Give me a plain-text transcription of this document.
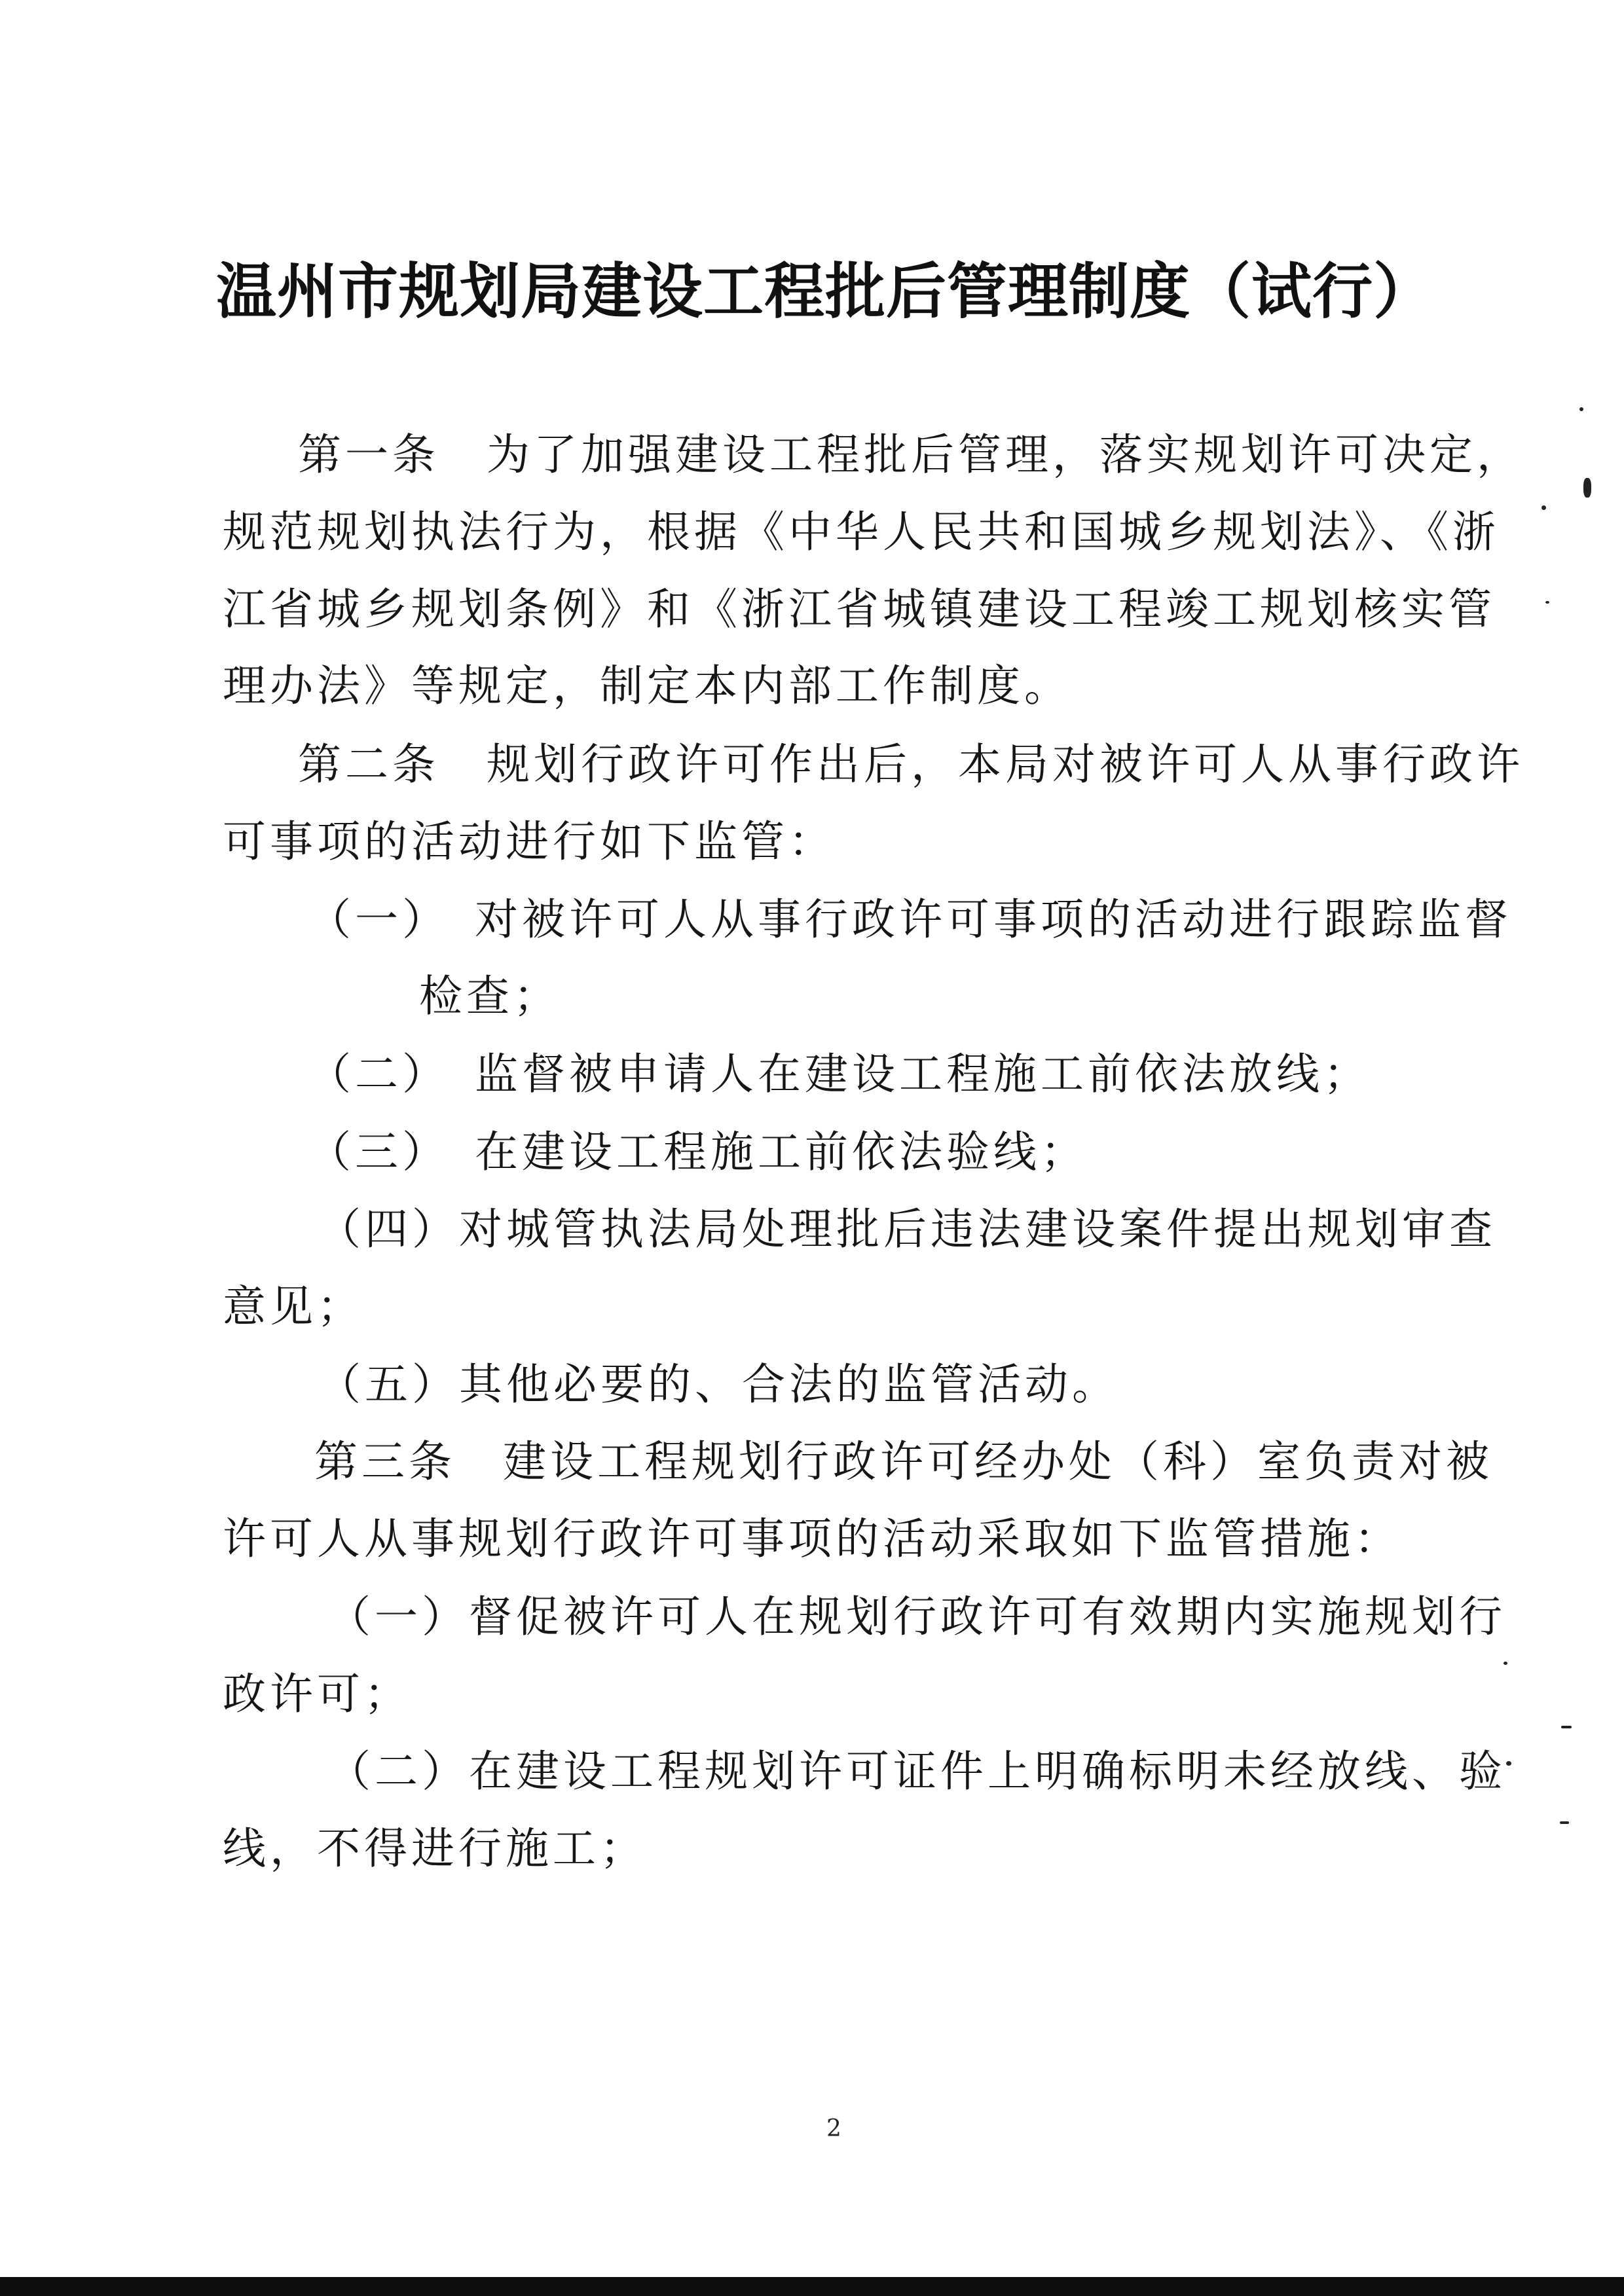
温州市规划局建设工程批后管理制度（试行）
第一条　为了加强建设工程批后管理，落实规划许可决定，
规范规划执法行为，根据《中华人民共和国城乡规划法》、《浙
江省城乡规划条例》和《浙江省城镇建设工程竣工规划核实管
理办法》等规定，制定本内部工作制度。
第二条　规划行政许可作出后，本局对被许可人从事行政许
可事项的活动进行如下监管：
（一）　对被许可人从事行政许可事项的活动进行跟踪监督
检查；
（二）　监督被申请人在建设工程施工前依法放线；
（三）　在建设工程施工前依法验线；
（四）对城管执法局处理批后违法建设案件提出规划审查
意见；
（五）其他必要的、合法的监管活动。
第三条　建设工程规划行政许可经办处（科）室负责对被
许可人从事规划行政许可事项的活动采取如下监管措施：
（一）督促被许可人在规划行政许可有效期内实施规划行
政许可；
（二）在建设工程规划许可证件上明确标明未经放线、验
线，不得进行施工；
2
